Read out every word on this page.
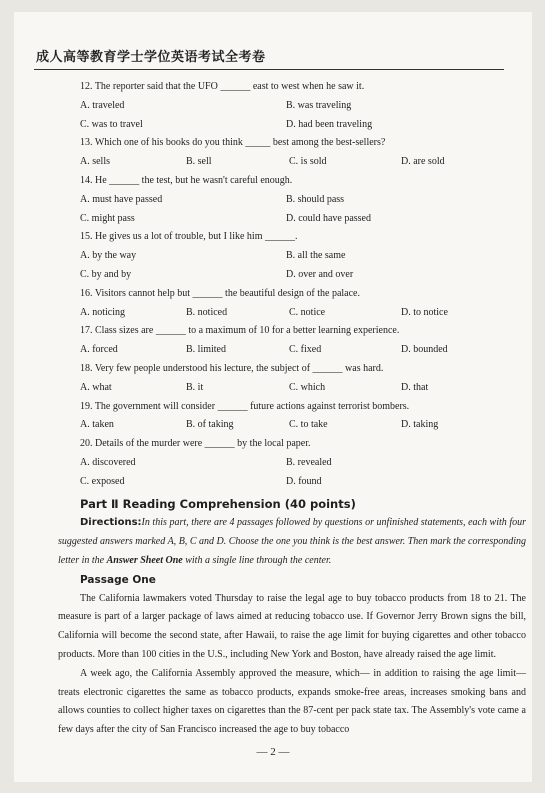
成人高等教育学士学位英语考试全考卷
12. The reporter said that the UFO ______ east to west when he saw it.
A. traveled	B. was traveling
C. was to travel	D. had been traveling
13. Which one of his books do you think _____ best among the best-sellers?
A. sells	B. sell	C. is sold	D. are sold
14. He ______ the test, but he wasn't careful enough.
A. must have passed	B. should pass
C. might pass	D. could have passed
15. He gives us a lot of trouble, but I like him ______.
A. by the way	B. all the same
C. by and by	D. over and over
16. Visitors cannot help but ______ the beautiful design of the palace.
A. noticing	B. noticed	C. notice	D. to notice
17. Class sizes are ______ to a maximum of 10 for a better learning experience.
A. forced	B. limited	C. fixed	D. bounded
18. Very few people understood his lecture, the subject of ______ was hard.
A. what	B. it	C. which	D. that
19. The government will consider ______ future actions against terrorist bombers.
A. taken	B. of taking	C. to take	D. taking
20. Details of the murder were ______ by the local paper.
A. discovered	B. revealed
C. exposed	D. found
Part Ⅱ Reading Comprehension (40 points)
Directions:In this part, there are 4 passages followed by questions or unfinished statements, each with four suggested answers marked A, B, C and D. Choose the one you think is the best answer. Then mark the corresponding letter in the Answer Sheet One with a single line through the center.
Passage One
The California lawmakers voted Thursday to raise the legal age to buy tobacco products from 18 to 21. The measure is part of a larger package of laws aimed at reducing tobacco use. If Governor Jerry Brown signs the bill, California will become the second state, after Hawaii, to raise the age limit for buying cigarettes and other tobacco products. More than 100 cities in the U.S., including New York and Boston, have already raised the age limit.
A week ago, the California Assembly approved the measure, which— in addition to raising the age limit— treats electronic cigarettes the same as tobacco products, expands smoke-free areas, increases smoking bans and allows counties to collect higher taxes on cigarettes than the 87-cent per pack state tax. The Assembly's vote came a few days after the city of San Francisco increased the age to buy tobacco
— 2 —
